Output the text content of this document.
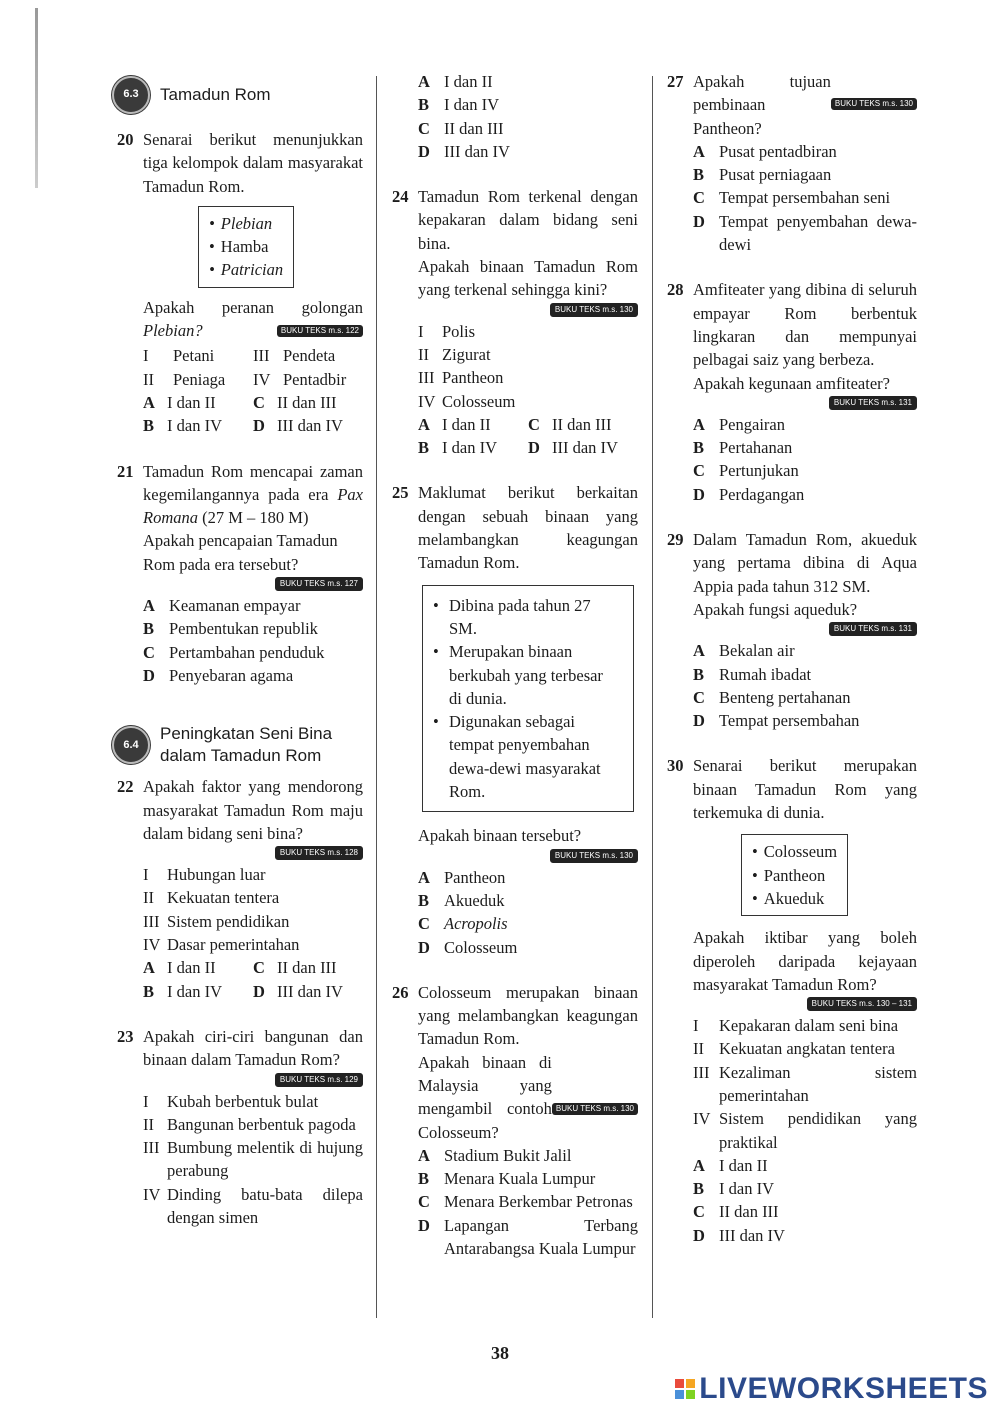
6.3	Tamadun Rom
20 Senarai berikut menunjukkan tiga kelompok dalam masyarakat Tamadun Rom.
• Plebian
• Hamba
• Patrician
Apakah peranan golongan
Plebian?	BUKU TEKS m.s. 122
I	Petani III Pendeta
II	Peniaga IV Pentadbir
A I dan II C II dan III
B I dan IV D III dan IV
21 Tamadun Rom mencapai zaman kegemilangannya pada era Pax Romana (27 M – 180 M)
Apakah pencapaian Tamadun Rom pada era tersebut?
BUKU TEKS m.s. 127
A Keamanan empayar
B Pembentukan republik
C Pertambahan penduduk
D Penyebaran agama
6.4
Peningkatan Seni Bina dalam Tamadun Rom
22 Apakah faktor yang mendorong masyarakat Tamadun Rom maju dalam bidang seni bina?
BUKU TEKS m.s. 128
I	Hubungan luar
II Kekuatan tentera
III Sistem pendidikan
IV Dasar pemerintahan
A I dan II C II dan III
B I dan IV D III dan IV
23 Apakah ciri-ciri bangunan dan binaan dalam Tamadun Rom?
BUKU TEKS m.s. 129
I	Kubah berbentuk bulat
II Bangunan berbentuk pagoda
III Bumbung melentik di hujung perabung
IV Dinding batu-bata dilepa dengan simen
A I dan II
B I dan IV
C II dan III
D III dan IV
24 Tamadun Rom terkenal dengan kepakaran dalam bidang seni bina.
Apakah binaan Tamadun Rom yang terkenal sehingga kini?
BUKU TEKS m.s. 130
I	Polis
II Zigurat
III Pantheon
IV Colosseum
A I dan II C II dan III
B I dan IV D III dan IV
25 Maklumat berikut berkaitan dengan sebuah binaan yang melambangkan keagungan Tamadun Rom.
• Dibina pada tahun 27 SM.
• Merupakan binaan berkubah yang terbesar di dunia.
• Digunakan sebagai tempat penyembahan dewa-dewi masyarakat Rom.
Apakah binaan tersebut?
BUKU TEKS m.s. 130
A Pantheon
B Akueduk
C Acropolis
D Colosseum
26 Colosseum merupakan binaan yang melambangkan keagungan Tamadun Rom.
BUKU TEKS m.s. 130
Apakah binaan di Malaysia yang mengambil contoh Colosseum?
A Stadium Bukit Jalil
B Menara Kuala Lumpur
C Menara Berkembar Petronas
D Lapangan Terbang Antarabangsa Kuala Lumpur
27
BUKU TEKS m.s. 130
Apakah tujuan pembinaan Pantheon?
A Pusat pentadbiran
B Pusat perniagaan
C Tempat persembahan seni
D Tempat penyembahan dewa-dewi
28 Amfiteater yang dibina di seluruh empayar Rom berbentuk lingkaran dan mempunyai pelbagai saiz yang berbeza.
Apakah kegunaan amfiteater?
BUKU TEKS m.s. 131
A Pengairan
B Pertahanan
C Pertunjukan
D Perdagangan
29 Dalam Tamadun Rom, akueduk yang pertama dibina di Aqua Appia pada tahun 312 SM.
Apakah fungsi aqueduk?
BUKU TEKS m.s. 131
A Bekalan air
B Rumah ibadat
C Benteng pertahanan
D Tempat persembahan
30 Senarai berikut merupakan binaan Tamadun Rom yang terkemuka di dunia.
• Colosseum
• Pantheon
• Akueduk
Apakah iktibar yang boleh diperoleh daripada kejayaan masyarakat Tamadun Rom?
BUKU TEKS m.s. 130 – 131
I	Kepakaran dalam seni bina
II Kekuatan angkatan tentera
III Kezaliman sistem pemerintahan
IV Sistem pendidikan yang praktikal
A I dan II
B I dan IV
C II dan III
D III dan IV
38
LIVEWORKSHEETS
